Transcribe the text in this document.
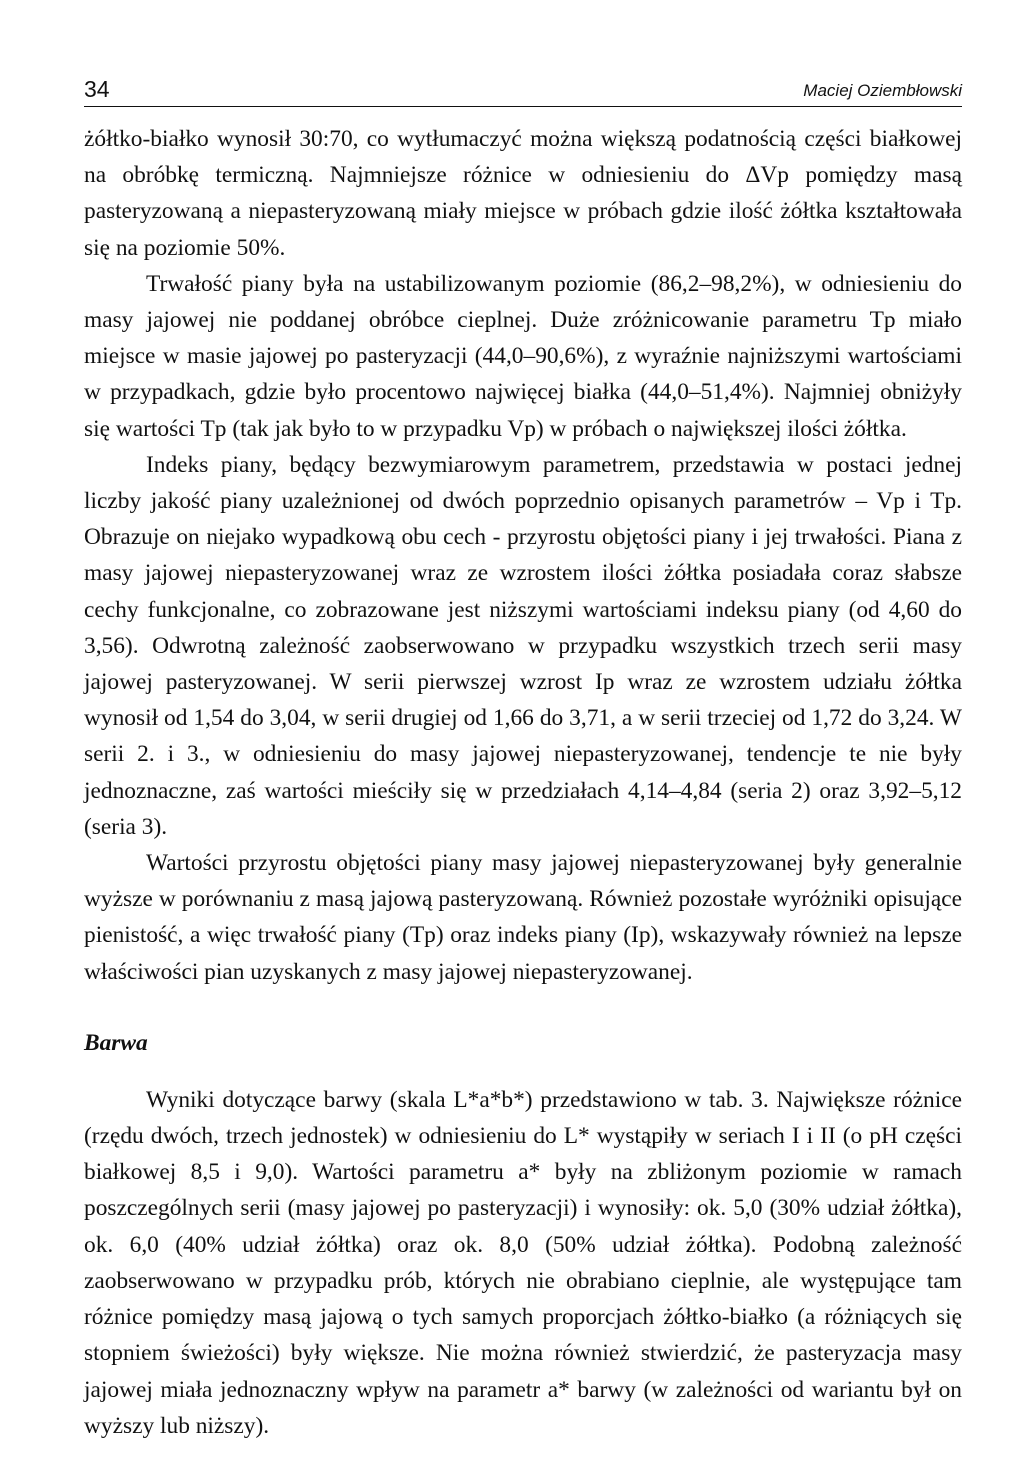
34	Maciej Oziembłowski

żółtko-białko wynosił 30:70, co wytłumaczyć można większą podatnością części białkowej na obróbkę termiczną. Najmniejsze różnice w odniesieniu do ΔVp pomiędzy masą pasteryzowaną a niepasteryzowaną miały miejsce w próbach gdzie ilość żółtka kształtowała się na poziomie 50%.

Trwałość piany była na ustabilizowanym poziomie (86,2–98,2%), w odniesieniu do masy jajowej nie poddanej obróbce cieplnej. Duże zróżnicowanie parametru Tp miało miejsce w masie jajowej po pasteryzacji (44,0–90,6%), z wyraźnie najniższymi wartościami w przypadkach, gdzie było procentowo najwięcej białka (44,0–51,4%). Najmniej obniżyły się wartości Tp (tak jak było to w przypadku Vp) w próbach o największej ilości żółtka.

Indeks piany, będący bezwymiarowym parametrem, przedstawia w postaci jednej liczby jakość piany uzależnionej od dwóch poprzednio opisanych parametrów – Vp i Tp. Obrazuje on niejako wypadkową obu cech - przyrostu objętości piany i jej trwałości. Piana z masy jajowej niepasteryzowanej wraz ze wzrostem ilości żółtka posiadała coraz słabsze cechy funkcjonalne, co zobrazowane jest niższymi wartościami indeksu piany (od 4,60 do 3,56). Odwrotną zależność zaobserwowano w przypadku wszystkich trzech serii masy jajowej pasteryzowanej. W serii pierwszej wzrost Ip wraz ze wzrostem udziału żółtka wynosił od 1,54 do 3,04, w serii drugiej od 1,66 do 3,71, a w serii trzeciej od 1,72 do 3,24. W serii 2. i 3., w odniesieniu do masy jajowej niepasteryzowanej, tendencje te nie były jednoznaczne, zaś wartości mieściły się w przedziałach 4,14–4,84 (seria 2) oraz 3,92–5,12 (seria 3).

Wartości przyrostu objętości piany masy jajowej niepasteryzowanej były generalnie wyższe w porównaniu z masą jajową pasteryzowaną. Również pozostałe wyróżniki opisujące pienistość, a więc trwałość piany (Tp) oraz indeks piany (Ip), wskazywały również na lepsze właściwości pian uzyskanych z masy jajowej niepasteryzowanej.

Barwa

Wyniki dotyczące barwy (skala L*a*b*) przedstawiono w tab. 3. Największe różnice (rzędu dwóch, trzech jednostek) w odniesieniu do L* wystąpiły w seriach I i II (o pH części białkowej 8,5 i 9,0). Wartości parametru a* były na zbliżonym poziomie w ramach poszczególnych serii (masy jajowej po pasteryzacji) i wynosiły: ok. 5,0 (30% udział żółtka), ok. 6,0 (40% udział żółtka) oraz ok. 8,0 (50% udział żółtka). Podobną zależność zaobserwowano w przypadku prób, których nie obrabiano cieplnie, ale występujące tam różnice pomiędzy masą jajową o tych samych proporcjach żółtko-białko (a różniących się stopniem świeżości) były większe. Nie można również stwierdzić, że pasteryzacja masy jajowej miała jednoznaczny wpływ na parametr a* barwy (w zależności od wariantu był on wyższy lub niższy).
